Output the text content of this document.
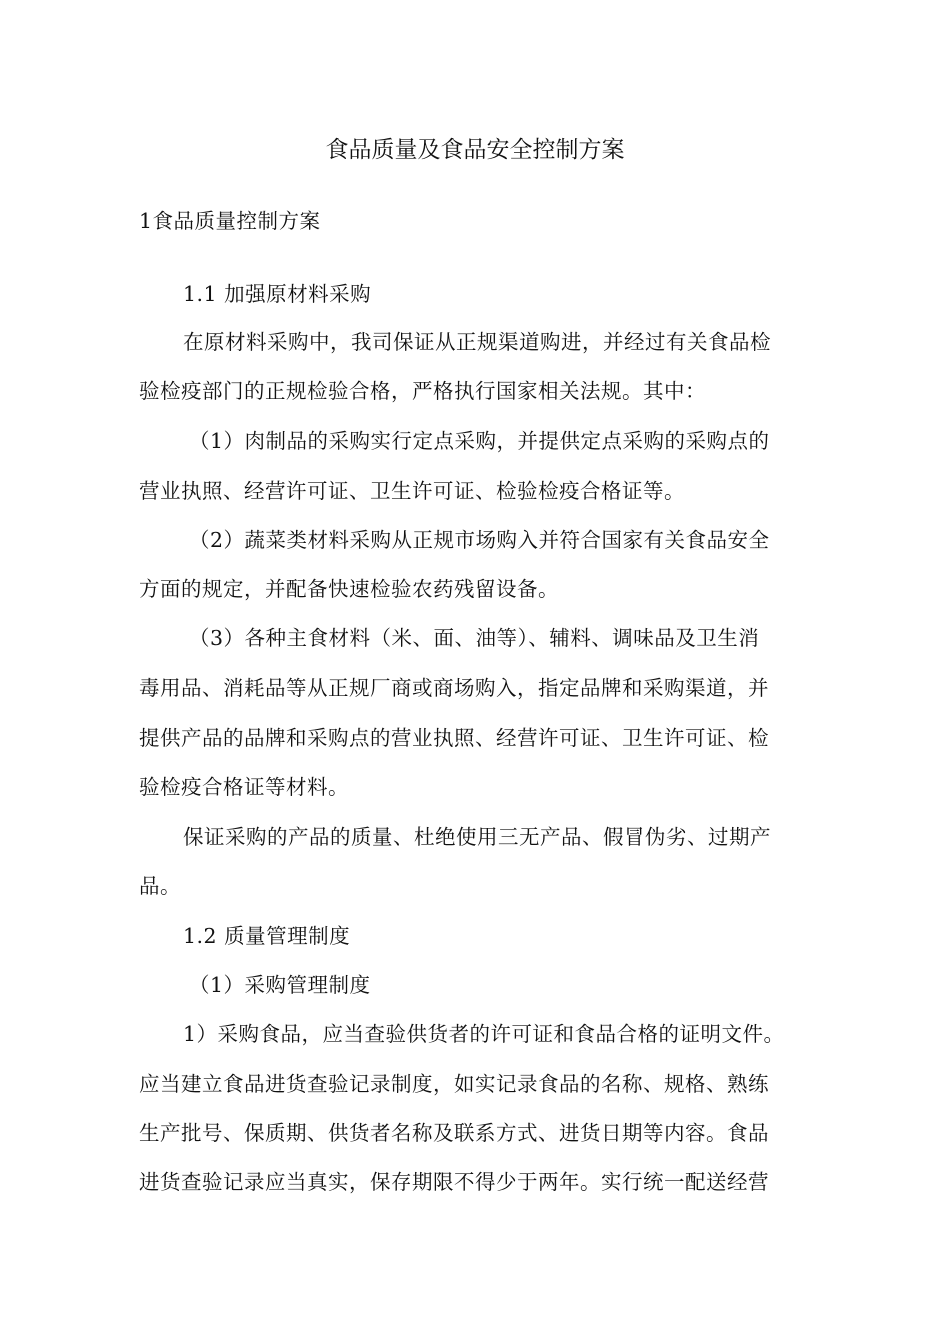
食品质量及食品安全控制方案
1食品质量控制方案
1.1 加强原材料采购
在原材料采购中，我司保证从正规渠道购进，并经过有关食品检
验检疫部门的正规检验合格，严格执行国家相关法规。其中：
（1）肉制品的采购实行定点采购，并提供定点采购的采购点的
营业执照、经营许可证、卫生许可证、检验检疫合格证等。
（2）蔬菜类材料采购从正规市场购入并符合国家有关食品安全
方面的规定，并配备快速检验农药残留设备。
（3）各种主食材料（米、面、油等）、辅料、调味品及卫生消
毒用品、消耗品等从正规厂商或商场购入，指定品牌和采购渠道，并
提供产品的品牌和采购点的营业执照、经营许可证、卫生许可证、检
验检疫合格证等材料。
保证采购的产品的质量、杜绝使用三无产品、假冒伪劣、过期产
品。
1.2 质量管理制度
（1）采购管理制度
1）采购食品，应当查验供货者的许可证和食品合格的证明文件。
应当建立食品进货查验记录制度，如实记录食品的名称、规格、熟练
生产批号、保质期、供货者名称及联系方式、进货日期等内容。食品
进货查验记录应当真实，保存期限不得少于两年。实行统一配送经营
